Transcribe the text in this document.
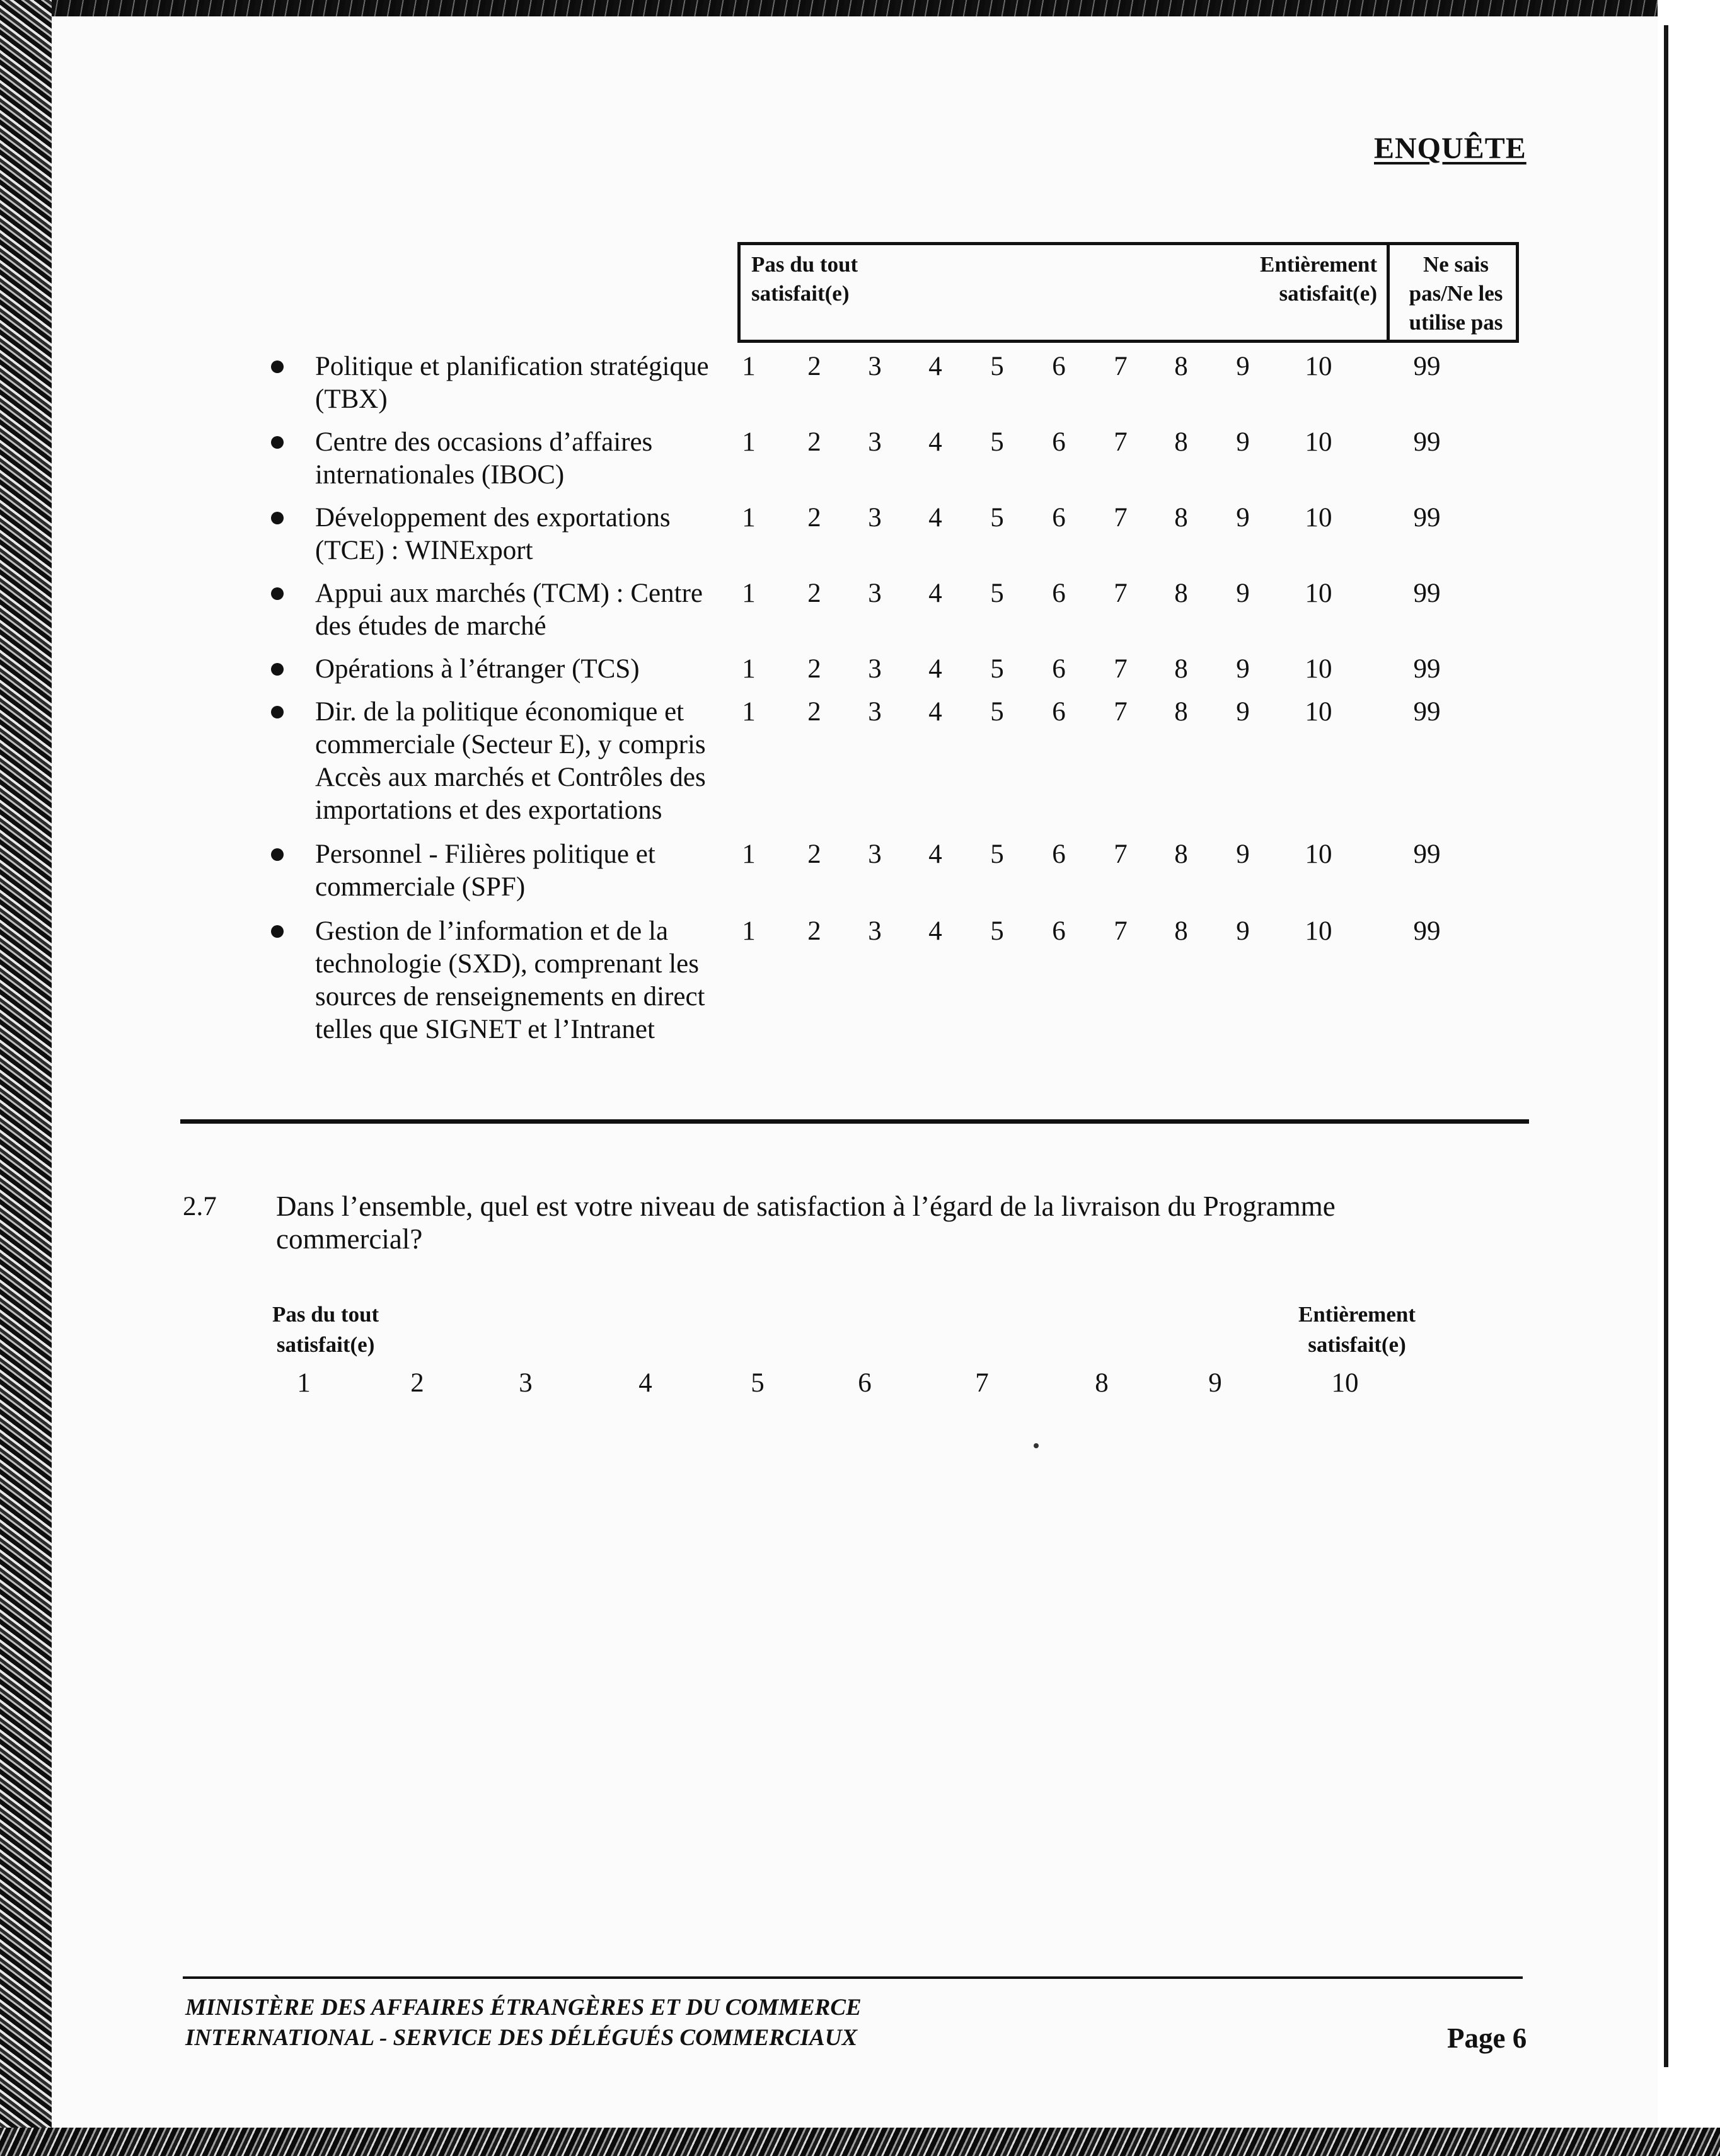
ENQUÊTE
Pas du tout
satisfait(e)
Entièrement
satisfait(e)
Ne sais
pas/Ne les
utilise pas
Politique et planification stratégique
(TBX)
1	2	3	4	5	6	7	8	9	10	99
Centre des occasions d’affaires
internationales (IBOC)
1	2	3	4	5	6	7	8	9	10	99
Développement des exportations
(TCE) : WINExport
1	2	3	4	5	6	7	8	9	10	99
Appui aux marchés (TCM) : Centre
des études de marché
1	2	3	4	5	6	7	8	9	10	99
Opérations à l’étranger (TCS)	1	2	3	4	5	6	7	8	9	10	99
Dir. de la politique économique et
commerciale (Secteur E), y compris
Accès aux marchés et Contrôles des
importations et des exportations
1	2	3	4	5	6	7	8	9	10	99
Personnel - Filières politique et
commerciale (SPF)
1	2	3	4	5	6	7	8	9	10	99
Gestion de l’information et de la
technologie (SXD), comprenant les
sources de renseignements en direct
telles que SIGNET et l’Intranet
1	2	3	4	5	6	7	8	9	10	99
2.7 Dans l’ensemble, quel est votre niveau de satisfaction à l’égard de la livraison du Programme
commercial?
Pas du tout
satisfait(e)
Entièrement
satisfait(e)
1	2	3	4	5	6	7	8	9	10
MINISTÈRE DES AFFAIRES ÉTRANGÈRES ET DU COMMERCE
INTERNATIONAL - SERVICE DES DÉLÉGUÉS COMMERCIAUX	Page 6
